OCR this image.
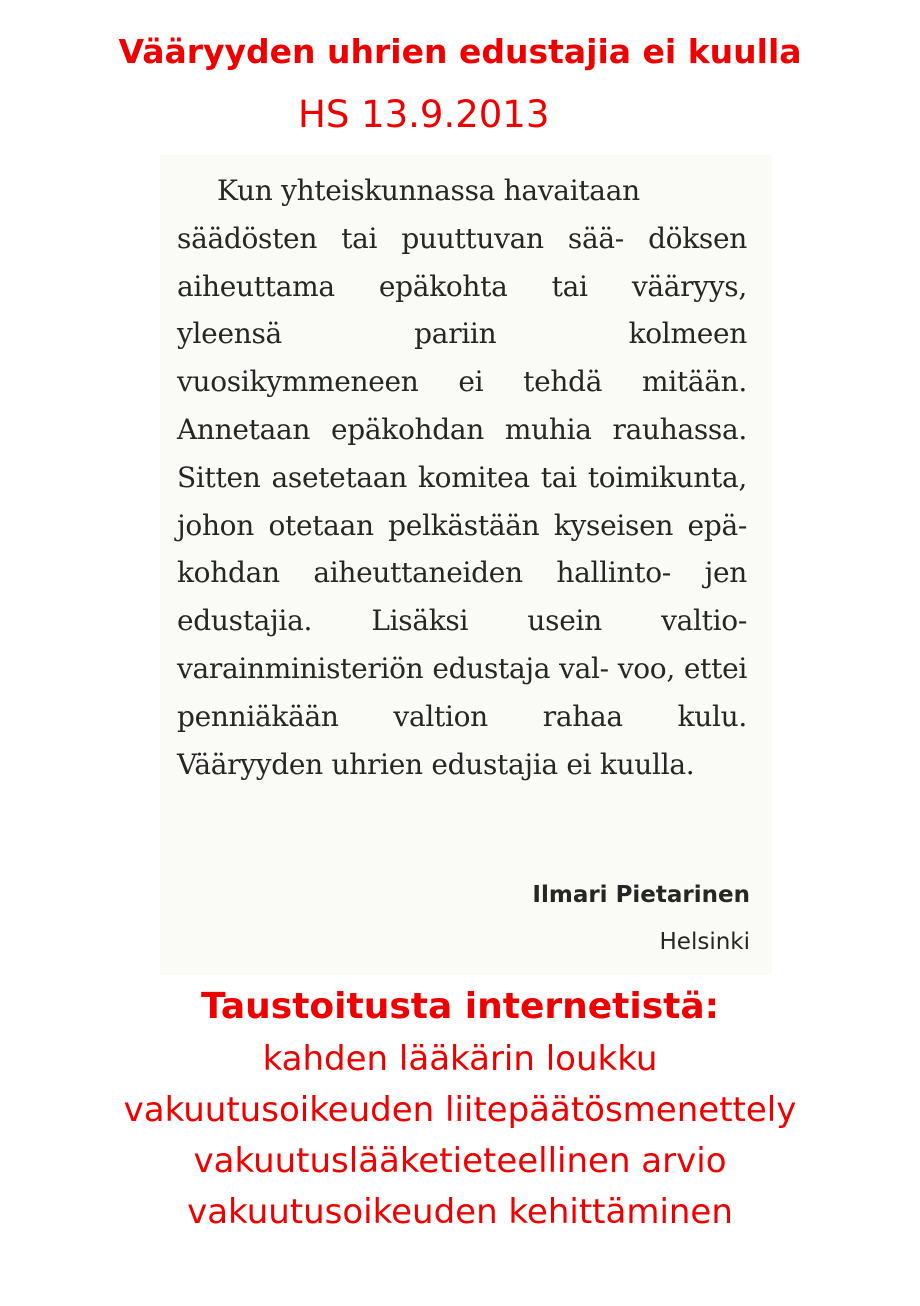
Vääryyden uhrien edustajia ei kuulla
HS 13.9.2013

Kun yhteiskunnassa havaitaan
säädösten tai puuttuvan sää- döksen aiheuttama epäkohta tai vääryys, yleensä pariin kolmeen vuosikymmeneen ei tehdä mitään. Annetaan epäkohdan muhia rauhassa. Sitten asetetaan komitea tai toimikunta, johon otetaan pelkästään kyseisen epä- kohdan aiheuttaneiden hallinto- jen edustajia. Lisäksi usein valtio- varainministeriön edustaja val- voo, ettei penniäkään valtion rahaa kulu. Vääryyden uhrien edustajia ei kuulla.

Ilmari Pietarinen
Helsinki
Taustoitusta internetistä:
kahden lääkärin loukku
vakuutusoikeuden liitepäätösmenettely
vakuutuslääketieteellinen arvio
vakuutusoikeuden kehittäminen
